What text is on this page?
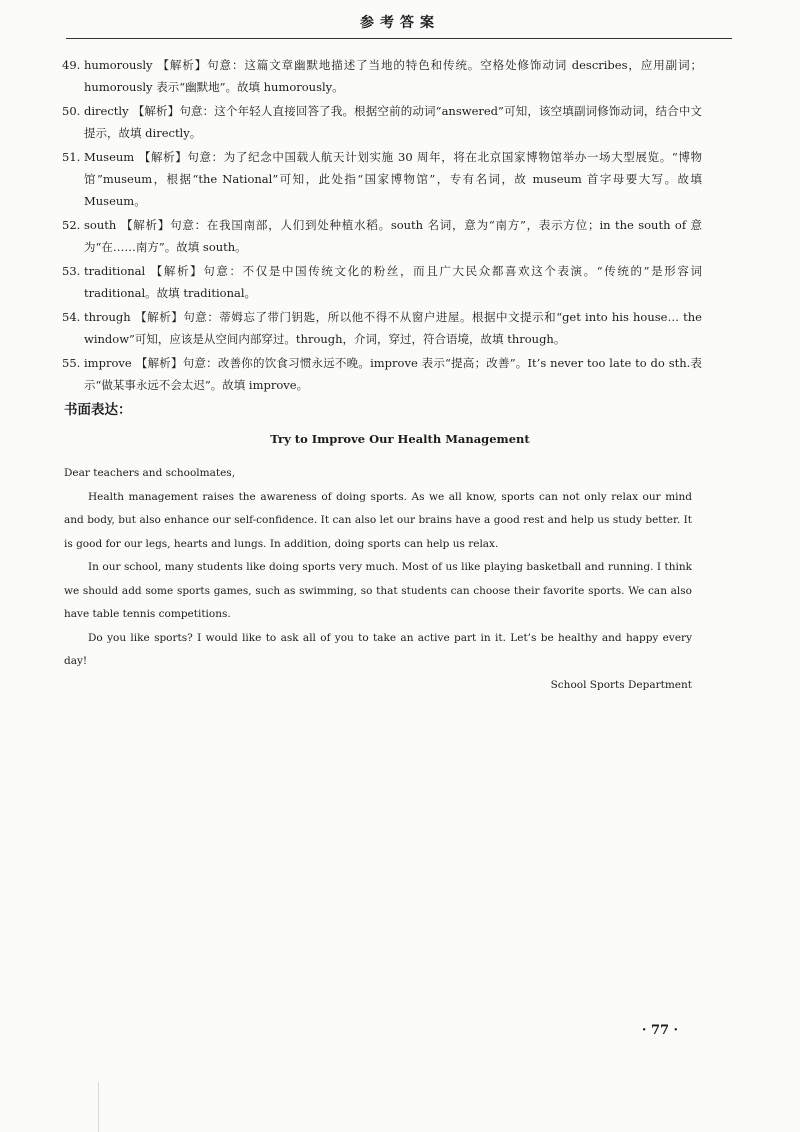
参考答案
49. humorously 【解析】句意：这篇文章幽默地描述了当地的特色和传统。空格处修饰动词 describes，应用副词；humorously 表示“幽默地”。故填 humorously。
50. directly 【解析】句意：这个年轻人直接回答了我。根据空前的动词“answered”可知，该空填副词修饰动词，结合中文提示，故填 directly。
51. Museum 【解析】句意：为了纪念中国载人航天计划实施 30 周年，将在北京国家博物馆举办一场大型展览。“博物馆”museum，根据“the National”可知，此处指“国家博物馆”，专有名词，故 museum 首字母要大写。故填 Museum。
52. south 【解析】句意：在我国南部，人们到处种植水稻。south 名词，意为“南方”，表示方位；in the south of 意为“在……南方”。故填 south。
53. traditional 【解析】句意：不仅是中国传统文化的粉丝，而且广大民众都喜欢这个表演。“传统的”是形容词 traditional。故填 traditional。
54. through 【解析】句意：蒂姆忘了带门钥匙，所以他不得不从窗户进屋。根据中文提示和“get into his house… the window”可知，应该是从空间内部穿过。through，介词，穿过，符合语境，故填 through。
55. improve 【解析】句意：改善你的饮食习惯永远不晚。improve 表示“提高；改善”。It’s never too late to do sth.表示“做某事永远不会太迟”。故填 improve。
书面表达：
Try to Improve Our Health Management

Dear teachers and schoolmates,

Health management raises the awareness of doing sports. As we all know, sports can not only relax our mind and body, but also enhance our self-confidence. It can also let our brains have a good rest and help us study better. It is good for our legs, hearts and lungs. In addition, doing sports can help us relax.

In our school, many students like doing sports very much. Most of us like playing basketball and running. I think we should add some sports games, such as swimming, so that students can choose their favorite sports. We can also have table tennis competitions.

Do you like sports? I would like to ask all of you to take an active part in it. Let’s be healthy and happy every day!

School Sports Department
· 77 ·
